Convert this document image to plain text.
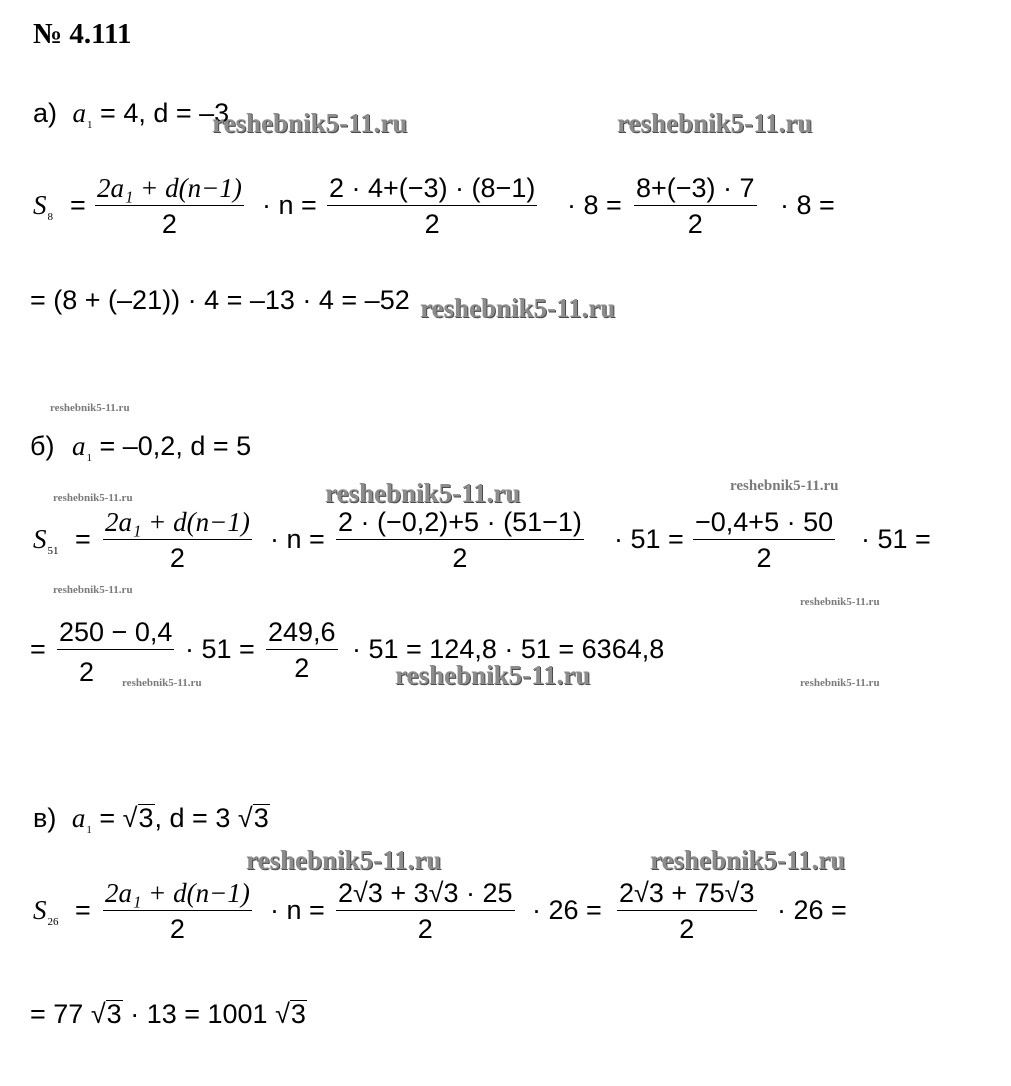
№ 4.111
а) $a_1 = 4$, d = –3
$S_8$ =
2a₁ + d(n−1)
2
· n =
2 · 4+(−3) · (8−1)
2
· 8 =
8+(−3) · 7
2
· 8 =
= (8 + (–21)) · 4 = –13 · 4 = –52
б) $a_1 = -0,2$, d = 5
$S_{51}$ =
2a₁ + d(n−1)
2
· n =
2 · (−0,2)+5 · (51−1)
2
· 51 =
−0,4+5 · 50
2
· 51 =
=
250 − 0,4
2
· 51 =
249,6
2
· 51 = 124,8 · 51 = 6364,8
в) $a_1 = √3$, d = 3 √3
$S_{26}$ =
2a₁ + d(n−1)
2
· n =
2√3 + 3√3 · 25
2
· 26 =
2√3 + 75√3
2
· 26 =
= 77 √3 · 13 = 1001 √3
reshebnik5-11.ru	reshebnik5-11.ru
reshebnik5-11.ru
reshebnik5-11.ru
reshebnik5-11.ru
reshebnik5-11.ru	reshebnik5-11.ru
reshebnik5-11.ru
reshebnik5-11.ru
reshebnik5-11.ru
reshebnik5-11.ru
reshebnik5-11.ru
reshebnik5-11.ru	reshebnik5-11.ru
